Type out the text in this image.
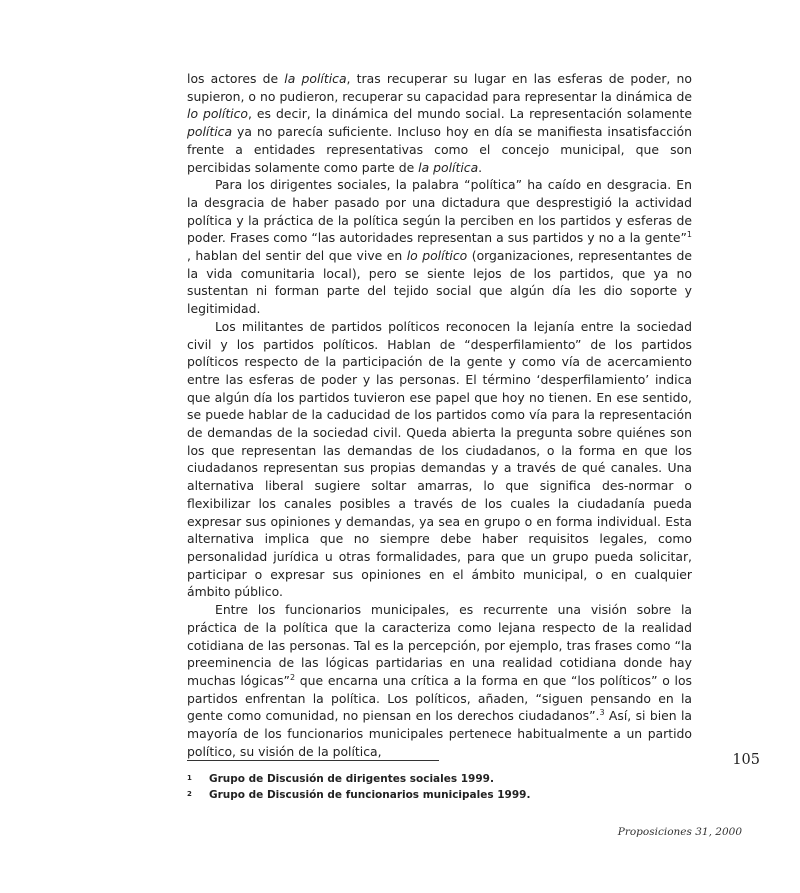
los actores de la política, tras recuperar su lugar en las esferas de poder, no supieron, o no pudieron, recuperar su capacidad para representar la dinámica de lo político, es decir, la dinámica del mundo social. La representación solamente política ya no parecía suficiente. Incluso hoy en día se manifiesta insatisfacción frente a entidades representativas como el concejo municipal, que son percibidas solamente como parte de la política.

Para los dirigentes sociales, la palabra “política” ha caído en desgracia. En la desgracia de haber pasado por una dictadura que desprestigió la actividad política y la práctica de la política según la perciben en los partidos y esferas de poder. Frases como “las autoridades representan a sus partidos y no a la gente”$^1$ , hablan del sentir del que vive en lo político (organizaciones, representantes de la vida comunitaria local), pero se siente lejos de los partidos, que ya no sustentan ni forman parte del tejido social que algún día les dio soporte y legitimidad.

Los militantes de partidos políticos reconocen la lejanía entre la sociedad civil y los partidos políticos. Hablan de “desperfilamiento” de los partidos políticos respecto de la participación de la gente y como vía de acercamiento entre las esferas de poder y las personas. El término ‘desperfilamiento’ indica que algún día los partidos tuvieron ese papel que hoy no tienen. En ese sentido, se puede hablar de la caducidad de los partidos como vía para la representación de demandas de la sociedad civil. Queda abierta la pregunta sobre quiénes son los que representan las demandas de los ciudadanos, o la forma en que los ciudadanos representan sus propias demandas y a través de qué canales. Una alternativa liberal sugiere soltar amarras, lo que significa des-normar o flexibilizar los canales posibles a través de los cuales la ciudadanía pueda expresar sus opiniones y demandas, ya sea en grupo o en forma individual. Esta alternativa implica que no siempre debe haber requisitos legales, como personalidad jurídica u otras formalidades, para que un grupo pueda solicitar, participar o expresar sus opiniones en el ámbito municipal, o en cualquier ámbito público.

Entre los funcionarios municipales, es recurrente una visión sobre la práctica de la política que la caracteriza como lejana respecto de la realidad cotidiana de las personas. Tal es la percepción, por ejemplo, tras frases como “la preeminencia de las lógicas partidarias en una realidad cotidiana donde hay muchas lógicas”$^2$ que encarna una crítica a la forma en que “los políticos” o los partidos enfrentan la política. Los políticos, añaden, “siguen pensando en la gente como comunidad, no piensan en los derechos ciudadanos”.$^3$ Así, si bien la mayoría de los funcionarios municipales pertenece habitualmente a un partido político, su visión de la política,

105
1	Grupo de Discusión de dirigentes sociales 1999.
2	Grupo de Discusión de funcionarios municipales 1999.
Proposiciones 31, 2000
